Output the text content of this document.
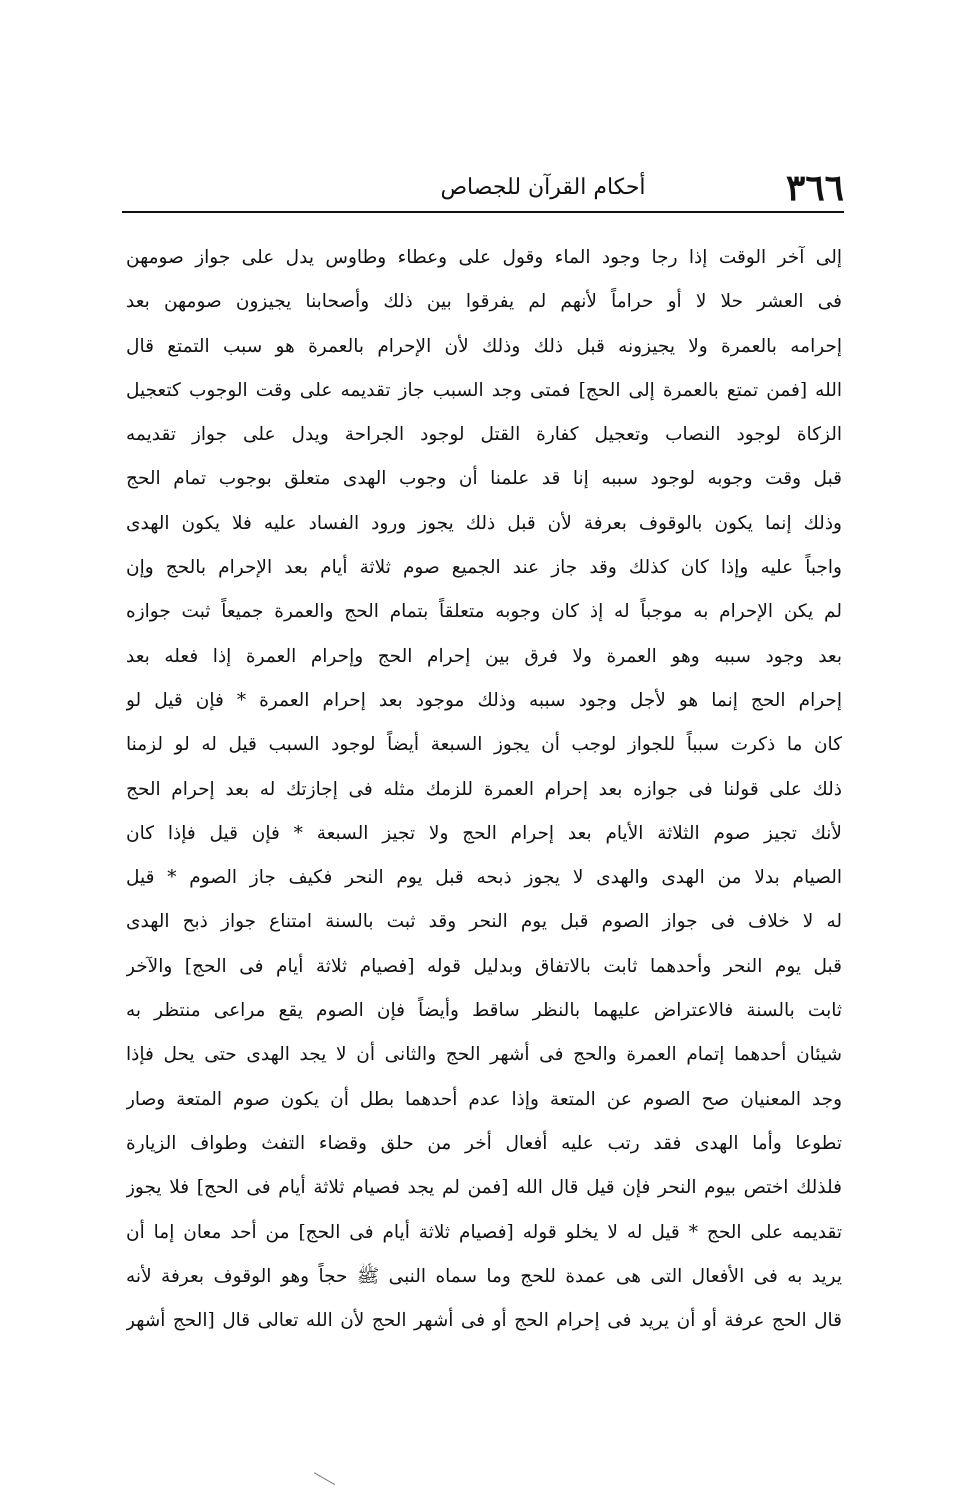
٣٦٦
أحكام القرآن للجصاص
إلى آخر الوقت إذا رجا وجود الماء وقول على وعطاء وطاوس يدل على جواز صومهن
فى العشر حلا لا أو حراماً لأنهم لم يفرقوا بين ذلك وأصحابنا يجيزون صومهن بعد
إحرامه بالعمرة ولا يجيزونه قبل ذلك وذلك لأن الإحرام بالعمرة هو سبب التمتع قال
الله [فمن تمتع بالعمرة إلى الحج] فمتى وجد السبب جاز تقديمه على وقت الوجوب كتعجيل
الزكاة لوجود النصاب وتعجيل كفارة القتل لوجود الجراحة ويدل على جواز تقديمه
قبل وقت وجوبه لوجود سببه إنا قد علمنا أن وجوب الهدى متعلق بوجوب تمام الحج
وذلك إنما يكون بالوقوف بعرفة لأن قبل ذلك يجوز ورود الفساد عليه فلا يكون الهدى
واجباً عليه وإذا كان كذلك وقد جاز عند الجميع صوم ثلاثة أيام بعد الإحرام بالحج وإن
لم يكن الإحرام به موجباً له إذ كان وجوبه متعلقاً بتمام الحج والعمرة جميعاً ثبت جوازه
بعد وجود سببه وهو العمرة ولا فرق بين إحرام الحج وإحرام العمرة إذا فعله بعد
إحرام الحج إنما هو لأجل وجود سببه وذلك موجود بعد إحرام العمرة * فإن قيل لو
كان ما ذكرت سبباً للجواز لوجب أن يجوز السبعة أيضاً لوجود السبب قيل له لو لزمنا
ذلك على قولنا فى جوازه بعد إحرام العمرة للزمك مثله فى إجازتك له بعد إحرام الحج
لأنك تجيز صوم الثلاثة الأيام بعد إحرام الحج ولا تجيز السبعة * فإن قيل فإذا كان
الصيام بدلا من الهدى والهدى لا يجوز ذبحه قبل يوم النحر فكيف جاز الصوم * قيل
له لا خلاف فى جواز الصوم قبل يوم النحر وقد ثبت بالسنة امتناع جواز ذبح الهدى
قبل يوم النحر وأحدهما ثابت بالاتفاق وبدليل قوله [فصيام ثلاثة أيام فى الحج] والآخر
ثابت بالسنة فالاعتراض عليهما بالنظر ساقط وأيضاً فإن الصوم يقع مراعى منتظر به
شيئان أحدهما إتمام العمرة والحج فى أشهر الحج والثانى أن لا يجد الهدى حتى يحل فإذا
وجد المعنيان صح الصوم عن المتعة وإذا عدم أحدهما بطل أن يكون صوم المتعة وصار
تطوعا وأما الهدى فقد رتب عليه أفعال أخر من حلق وقضاء التفث وطواف الزيارة
فلذلك اختص بيوم النحر فإن قيل قال الله [فمن لم يجد فصيام ثلاثة أيام فى الحج] فلا يجوز
تقديمه على الحج * قيل له لا يخلو قوله [فصيام ثلاثة أيام فى الحج] من أحد معان إما أن
يريد به فى الأفعال التى هى عمدة للحج وما سماه النبى ﷺ حجاً وهو الوقوف بعرفة لأنه
قال الحج عرفة أو أن يريد فى إحرام الحج أو فى أشهر الحج لأن الله تعالى قال [الحج أشهر
